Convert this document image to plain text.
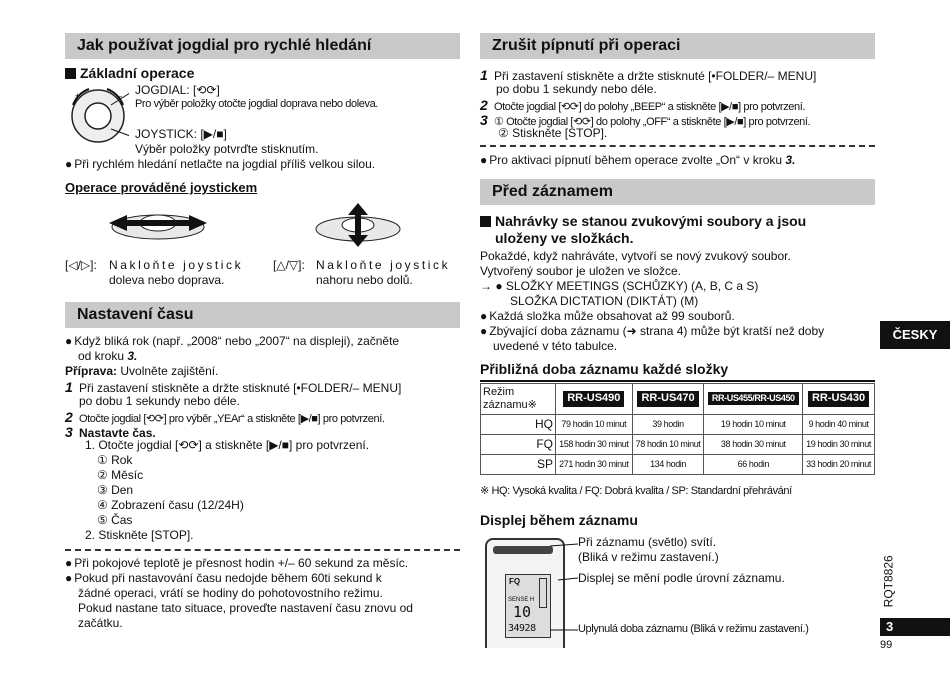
Jak používat jogdial pro rychlé hledání
Základní operace
+	– JOGDIAL: [⟲⟳]
Pro výběr položky otočte jogdial doprava nebo doleva.
JOYSTICK: [▶/■]
Výběr položky potvrďte stisknutím.
● Při rychlém hledání netlačte na jogdial příliš velkou silou.
Operace prováděné joystickem
[◁/▷]: Nakloňte joystick
doleva nebo doprava.
[△/▽]: Nakloňte joystick
nahoru nebo dolů.
Nastavení času
● Když bliká rok (např. „2008“ nebo „2007“ na displeji), začněte
od kroku 3.
Příprava: Uvolněte zajištění.
1 Při zastavení stiskněte a držte stisknuté [•FOLDER/– MENU]
po dobu 1 sekundy nebo déle.
2 Otočte jogdial [⟲⟳] pro výběr „YEAr“ a stiskněte [▶/■] pro potvrzení.
3 Nastavte čas.
1. Otočte jogdial [⟲⟳] a stiskněte [▶/■] pro potvrzení.
① Rok
② Měsíc
③ Den
④ Zobrazení času (12/24H)
⑤ Čas
2. Stiskněte [STOP].
● Při pokojové teplotě je přesnost hodin +/– 60 sekund za měsíc.
● Pokud při nastavování času nedojde během 60ti sekund k
žádné operaci, vrátí se hodiny do pohotovostního režimu.
Pokud nastane tato situace, proveďte nastavení času znovu od
začátku.
Zrušit pípnutí při operaci
1 Při zastavení stiskněte a držte stisknuté [•FOLDER/– MENU]
po dobu 1 sekundy nebo déle.
2 Otočte jogdial [⟲⟳] do polohy „BEEP“ a stiskněte [▶/■] pro potvrzení.
3 ① Otočte jogdial [⟲⟳] do polohy „OFF“ a stiskněte [▶/■] pro potvrzení.
② Stiskněte [STOP].
● Pro aktivaci pípnutí během operace zvolte „On“ v kroku 3.
Před záznamem
Nahrávky se stanou zvukovými soubory a jsou
uloženy ve složkách.
Pokaždé, když nahráváte, vytvoří se nový zvukový soubor.
Vytvořený soubor je uložen ve složce.
→ ● SLOŽKY MEETINGS (SCHŮZKY) (A, B, C a S)
SLOŽKA DICTATION (DIKTÁT) (M)
● Každá složka může obsahovat až 99 souborů.
● Zbývající doba záznamu (➜ strana 4) může být kratší než doby
uvedené v této tabulce.
Přibližná doba záznamu každé složky
Režim
záznamu※	RR-US490	RR-US470	RR-US455/RR-US450	RR-US430
HQ	79 hodin 10 minut	39 hodin	19 hodin 10 minut	9 hodin 40 minut
FQ	158 hodin 30 minut	78 hodin 10 minut	38 hodin 30 minut	19 hodin 30 minut
SP	271 hodin 30 minut	134 hodin	66 hodin	33 hodin 20 minut
※ HQ: Vysoká kvalita / FQ: Dobrá kvalita / SP: Standardní přehrávání
Displej během záznamu
FQ
SENSE H
10
34928
Při záznamu (světlo) svítí.
(Bliká v režimu zastavení.)
Displej se mění podle úrovní záznamu.
Uplynulá doba záznamu (Bliká v režimu zastavení.)
ČESKY
RQT8826
3
99
